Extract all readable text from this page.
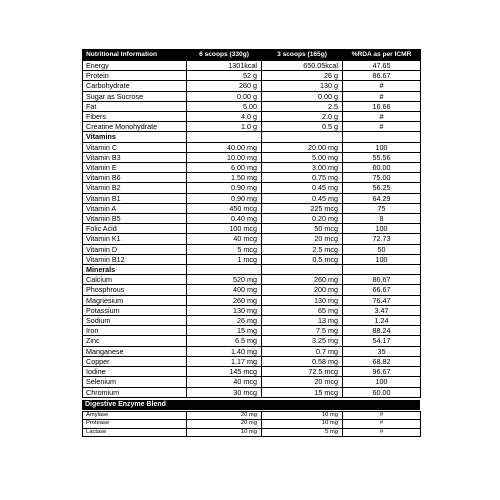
Nutritional Information	6 scoops (330g)	3 scoops (165g)	%RDA as per ICMR
Energy	1301kcal	650.05kcal	47.65
Protein	52 g	26 g	86.67
Carbohydrate	260 g	130 g	#
Sugar as Sucrose	0.00 g	0.00 g	#
Fat	5.00	2.5	16.66
Fibers	4.0 g	2.0 g	#
Creatine Monohydrate	1.0 g	0.5 g	#
Vitamins			
Vitamin C	40.00 mg	20.00 mg	100
Vitamin B3	10.00 mg	5.00 mg	55.56
Vitamin E	6.00 mg	3.00 mg	60.00
Vitamin B6	1.50 mg	0.75 mg	75.00
Vitamin B2	0.90 mg	0.45 mg	56.25
Vitamin B1	0.90 mg	0.45 mg	64.29
Vitamin A	450 mcg	225 mcg	75
Vitamin B5	0.40 mg	0.20 mg	8
Folic Acid	100 mcg	50 mcg	100
Vitamin K1	40 mcg	20 mcg	72.73
Vitamin D	5 mcg	2.5 mcg	50
Vitamin B12	1 mcg	0.5 mcg	100
Minerals			
Calcium	520 mg	260 mg	86.67
Phosphrous	400 mg	200 mg	66.67
Magnesium	260 mg	130 mg	76.47
Potassium	130 mg	65 mg	3.47
Sodium	26 mg	13 mg	1.24
Iron	15 mg	7.5 mg	88.24
Zinc	6.5 mg	3.25 mg	54.17
Manganese	1.40 mg	0.7 mg	35
Copper	1.17 mg	0.58 mg	68.82
Iodine	145 mcg	72.5 mcg	96.67
Selenium	40 mcg	20 mcg	100
Chromium	30 mcg	15 mcg	60.00
Digestive Enzyme Blend
Amylase	20 mg	10 mg	#
Protease	20 mg	10 mg	#
Lactase	10 mg	5 mg	#
